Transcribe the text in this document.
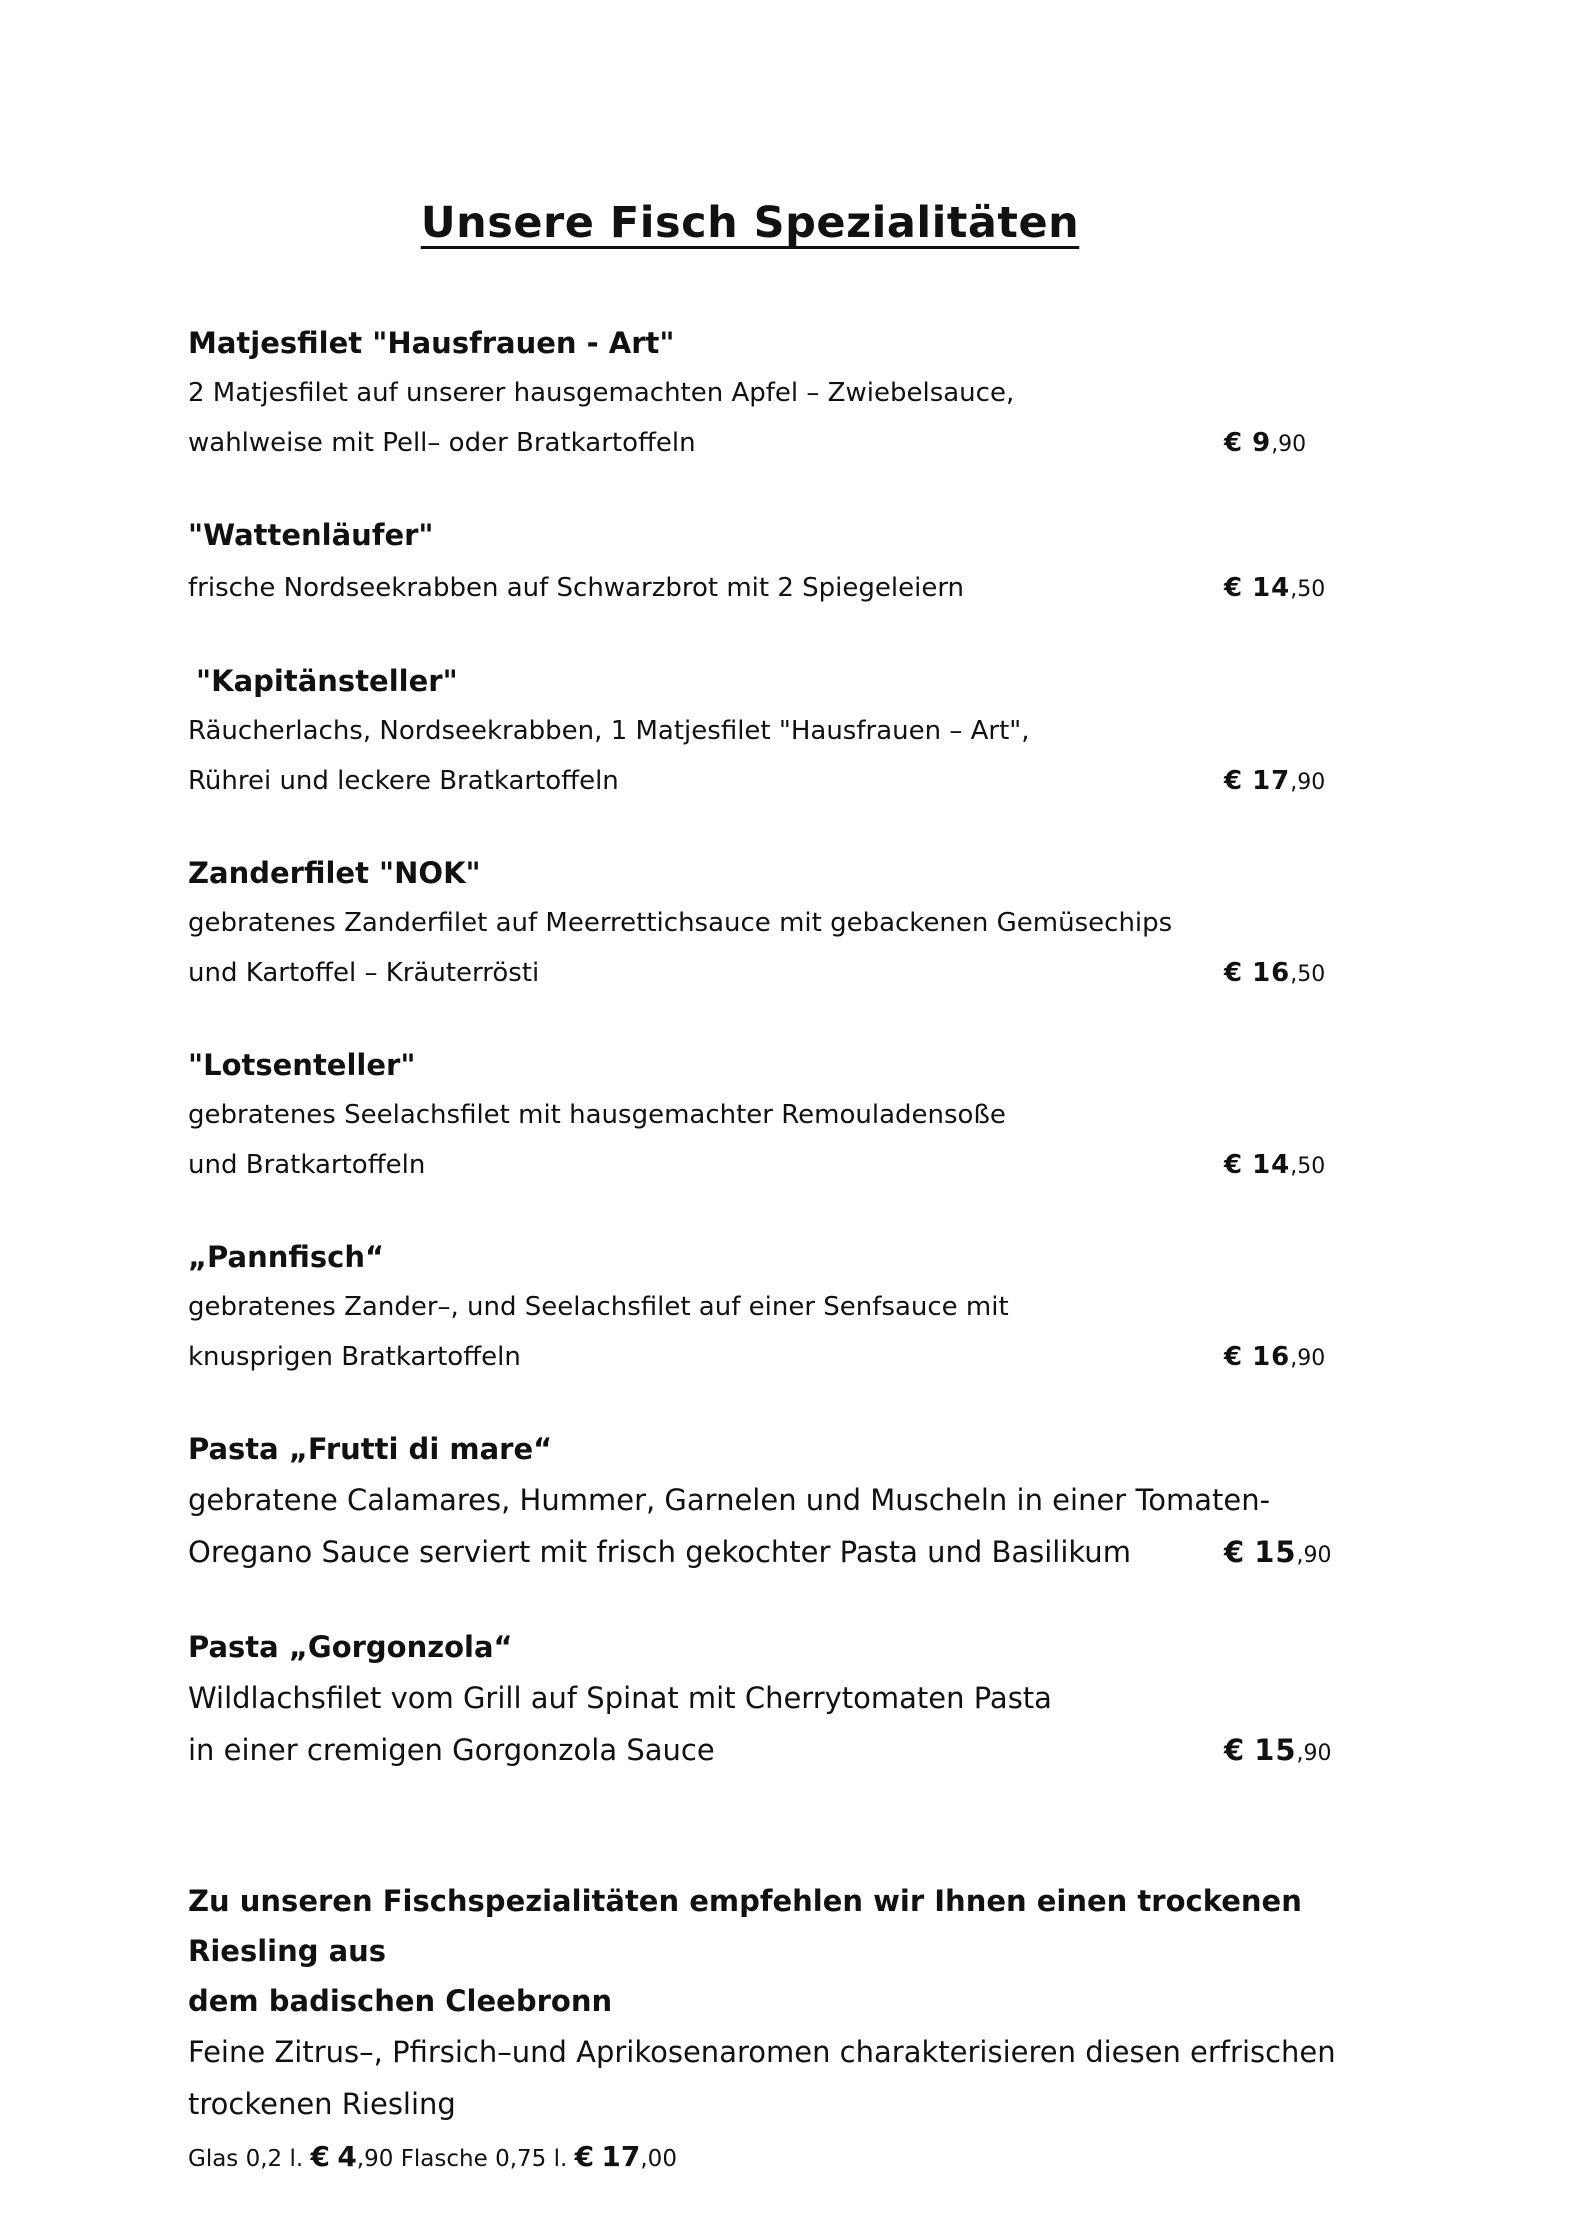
Unsere Fisch Spezialitäten
Matjesfilet "Hausfrauen - Art"
2 Matjesfilet auf unserer hausgemachten Apfel – Zwiebelsauce,
wahlweise mit Pell– oder Bratkartoffeln	€ 9,90
"Wattenläufer"
frische Nordseekrabben auf Schwarzbrot mit 2 Spiegeleiern	€ 14,50
"Kapitänsteller"
Räucherlachs, Nordseekrabben, 1 Matjesfilet "Hausfrauen – Art",
Rührei und leckere Bratkartoffeln	€ 17,90
Zanderfilet "NOK"
gebratenes Zanderfilet auf Meerrettichsauce mit gebackenen Gemüsechips
und Kartoffel – Kräuterrösti	€ 16,50
"Lotsenteller"
gebratenes Seelachsfilet mit hausgemachter Remouladensoße
und Bratkartoffeln	€ 14,50
„Pannfisch“
gebratenes Zander–, und Seelachsfilet auf einer Senfsauce mit
knusprigen Bratkartoffeln	€ 16,90
Pasta „Frutti di mare“
gebratene Calamares, Hummer, Garnelen und Muscheln in einer Tomaten-
Oregano Sauce serviert mit frisch gekochter Pasta und Basilikum	€ 15,90
Pasta „Gorgonzola“
Wildlachsfilet vom Grill auf Spinat mit Cherrytomaten Pasta
in einer cremigen Gorgonzola Sauce	€ 15,90
Zu unseren Fischspezialitäten empfehlen wir Ihnen einen trockenen Riesling aus
dem badischen Cleebronn
Feine Zitrus–, Pfirsich–und Aprikosenaromen charakterisieren diesen erfrischen
trockenen Riesling
Glas 0,2 l. € 4,90 Flasche 0,75 l. € 17,00
